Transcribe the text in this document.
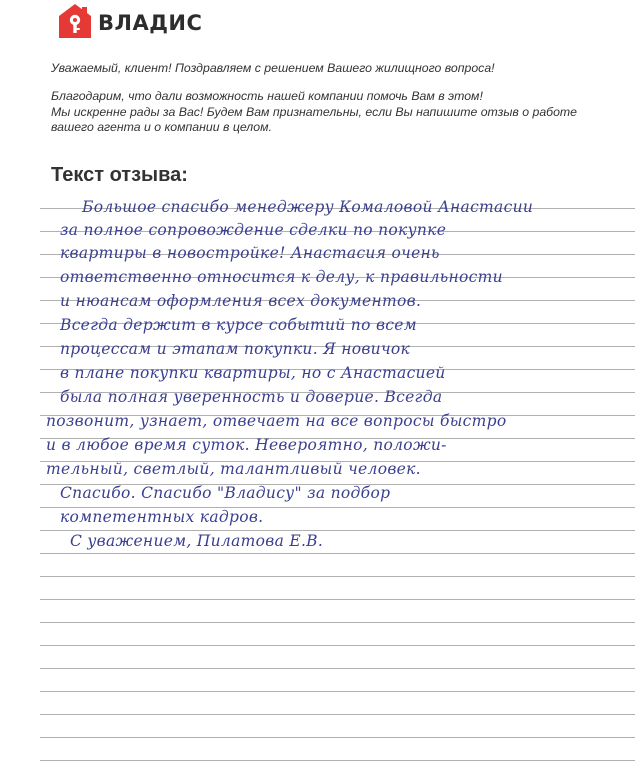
ВЛАДИС

Уважаемый, клиент! Поздравляем с решением Вашего жилищного вопроса!

Благодарим, что дали возможность нашей компании помочь Вам в этом!
Мы искренне рады за Вас! Будем Вам признательны, если Вы напишите отзыв о работе
вашего агента и о компании в целом.
Текст отзыва:
Большое спасибо менеджеру Комаловой Анастасии
за полное сопровождение сделки по покупке
квартиры в новостройке! Анастасия очень
ответственно относится к делу, к правильности
и нюансам оформления всех документов.
Всегда держит в курсе событий по всем
процессам и этапам покупки. Я новичок
в плане покупки квартиры, но с Анастасией
была полная уверенность и доверие. Всегда
позвонит, узнает, отвечает на все вопросы быстро
и в любое время суток. Невероятно, положи-
тельный, светлый, талантливый человек.
Спасибо. Спасибо "Владису" за подбор
компетентных кадров.
С уважением, Пилатова Е.В.
